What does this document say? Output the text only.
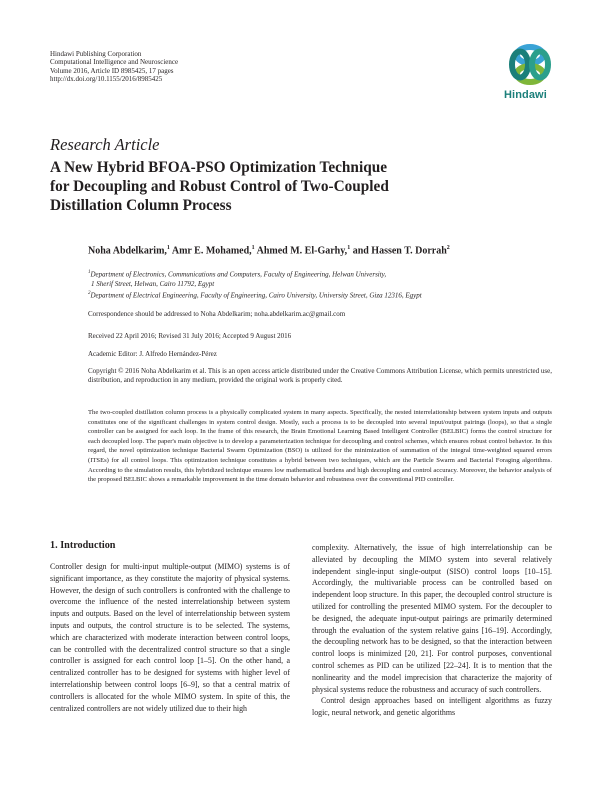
Hindawi Publishing Corporation
Computational Intelligence and Neuroscience
Volume 2016, Article ID 8985425, 17 pages
http://dx.doi.org/10.1155/2016/8985425
Hindawi
Research Article
A New Hybrid BFOA-PSO Optimization Technique
for Decoupling and Robust Control of Two-Coupled
Distillation Column Process
Noha Abdelkarim,$^1$ Amr E. Mohamed,$^1$ Ahmed M. El-Garhy,$^1$ and Hassen T. Dorrah$^2$
$^1$Department of Electronics, Communications and Computers, Faculty of Engineering, Helwan University,
1 Sherif Street, Helwan, Cairo 11792, Egypt
$^2$Department of Electrical Engineering, Faculty of Engineering, Cairo University, University Street, Giza 12316, Egypt
Correspondence should be addressed to Noha Abdelkarim; noha.abdelkarim.ac@gmail.com
Received 22 April 2016; Revised 31 July 2016; Accepted 9 August 2016
Academic Editor: J. Alfredo Hernández-Pérez
Copyright © 2016 Noha Abdelkarim et al. This is an open access article distributed under the Creative Commons Attribution License, which permits unrestricted use, distribution, and reproduction in any medium, provided the original work is properly cited.
The two-coupled distillation column process is a physically complicated system in many aspects. Specifically, the nested interrelationship between system inputs and outputs constitutes one of the significant challenges in system control design. Mostly, such a process is to be decoupled into several input/output pairings (loops), so that a single controller can be assigned for each loop. In the frame of this research, the Brain Emotional Learning Based Intelligent Controller (BELBIC) forms the control structure for each decoupled loop. The paper's main objective is to develop a parameterization technique for decoupling and control schemes, which ensures robust control behavior. In this regard, the novel optimization technique Bacterial Swarm Optimization (BSO) is utilized for the minimization of summation of the integral time-weighted squared errors (ITSEs) for all control loops. This optimization technique constitutes a hybrid between two techniques, which are the Particle Swarm and Bacterial Foraging algorithms. According to the simulation results, this hybridized technique ensures low mathematical burdens and high decoupling and control accuracy. Moreover, the behavior analysis of the proposed BELBIC shows a remarkable improvement in the time domain behavior and robustness over the conventional PID controller.
1. Introduction

Controller design for multi-input multiple-output (MIMO) systems is of significant importance, as they constitute the majority of physical systems. However, the design of such controllers is confronted with the challenge to overcome the influence of the nested interrelationship between system inputs and outputs. Based on the level of interrelationship between system inputs and outputs, the control structure is to be selected. The systems, which are characterized with moderate interaction between control loops, can be controlled with the decentralized control structure so that a single controller is assigned for each control loop [1–5]. On the other hand, a centralized controller has to be designed for systems with higher level of interrelationship between control loops [6–9], so that a central matrix of controllers is allocated for the whole MIMO system. In spite of this, the centralized controllers are not widely utilized due to their high

complexity. Alternatively, the issue of high interrelationship can be alleviated by decoupling the MIMO system into several relatively independent single-input single-output (SISO) control loops [10–15]. Accordingly, the multivariable process can be controlled based on independent loop structure. In this paper, the decoupled control structure is utilized for controlling the presented MIMO system. For the decoupler to be designed, the adequate input-output pairings are primarily determined through the evaluation of the system relative gains [16–19]. Accordingly, the decoupling network has to be designed, so that the interaction between control loops is minimized [20, 21]. For control purposes, conventional control schemes as PID can be utilized [22–24]. It is to mention that the nonlinearity and the model imprecision that characterize the majority of physical systems reduce the robustness and accuracy of such controllers.

Control design approaches based on intelligent algorithms as fuzzy logic, neural network, and genetic algorithms
